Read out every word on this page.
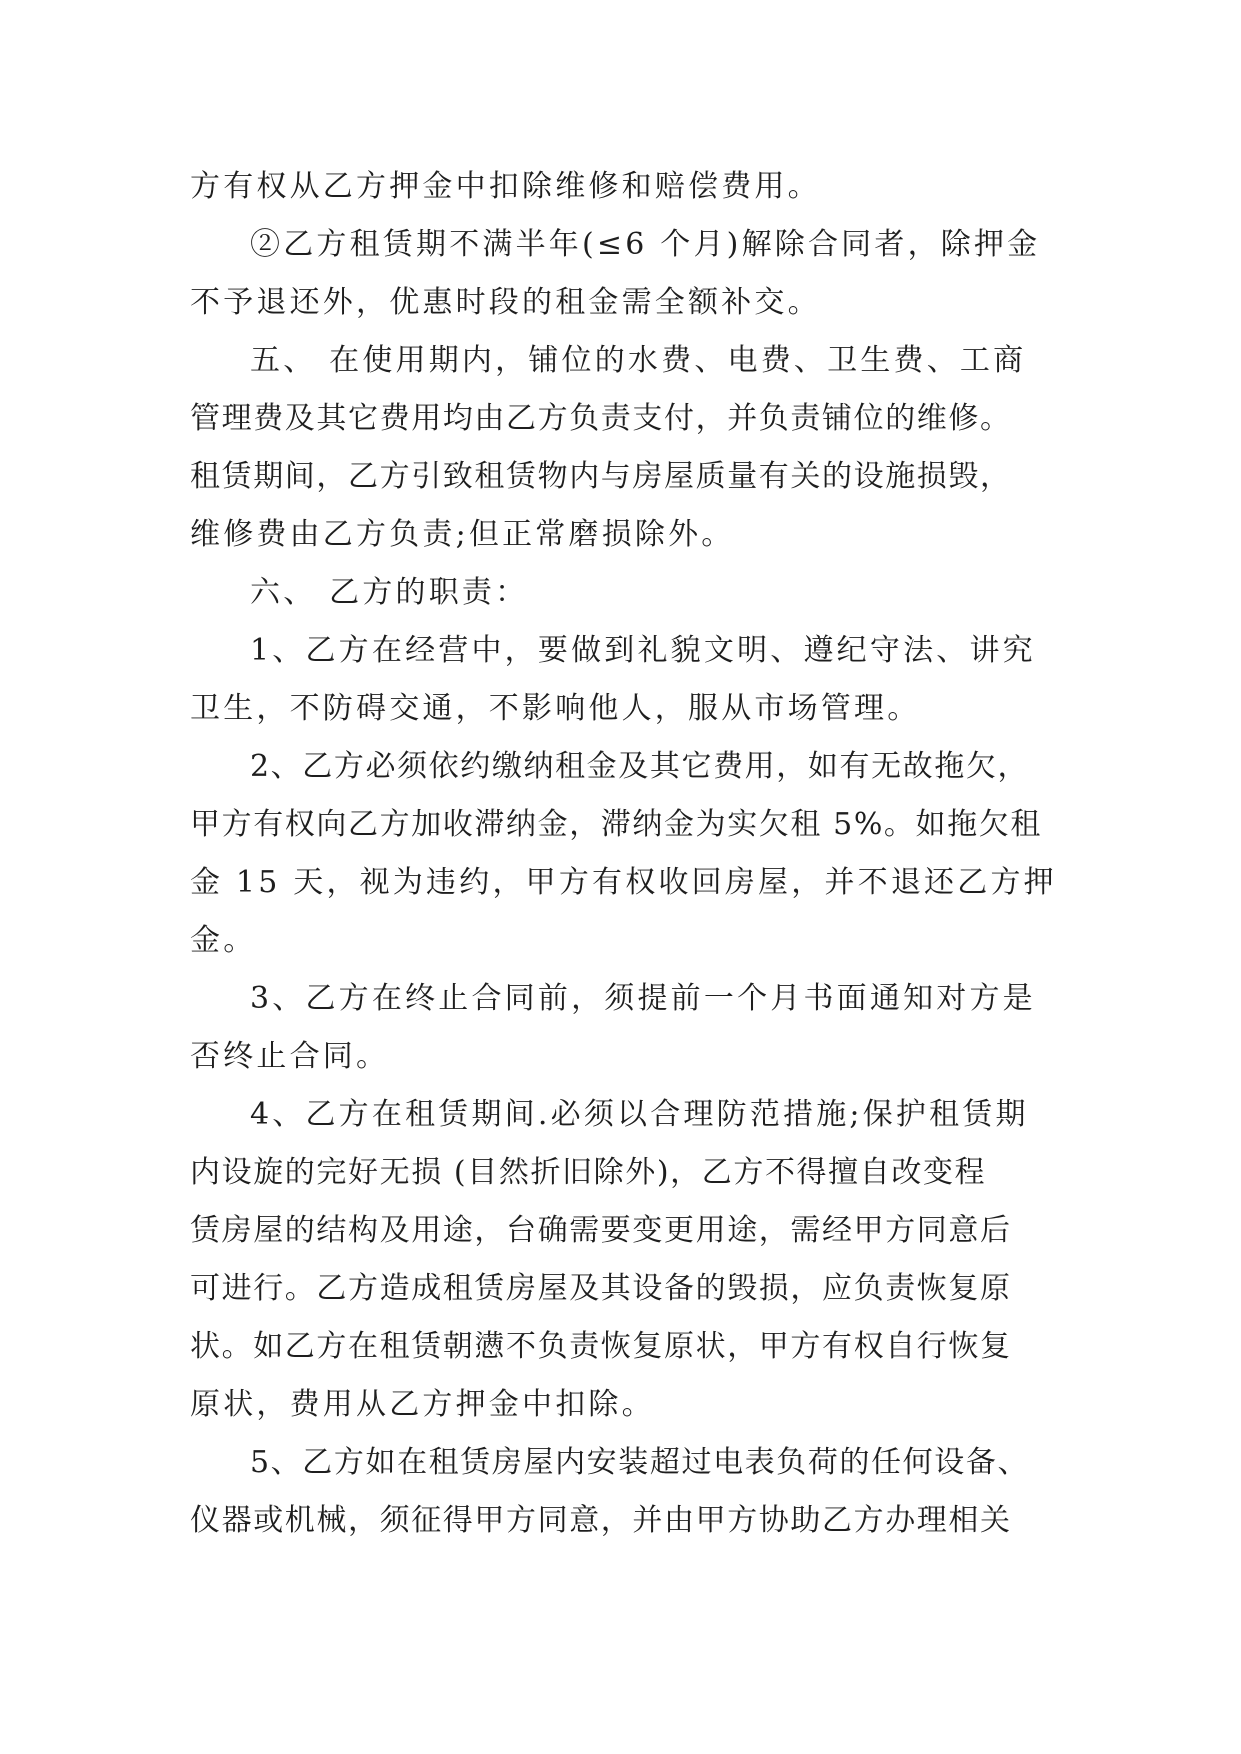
方有权从乙方押金中扣除维修和赔偿费用。
②乙方租赁期不满半年(≤6 个月)解除合同者，除押金
不予退还外，优惠时段的租金需全额补交。
五、 在使用期内，铺位的水费、电费、卫生费、工商
管理费及其它费用均由乙方负责支付，并负责铺位的维修。
租赁期间，乙方引致租赁物内与房屋质量有关的设施损毁，
维修费由乙方负责;但正常磨损除外。
六、 乙方的职责：
1、乙方在经营中，要做到礼貌文明、遵纪守法、讲究
卫生，不防碍交通，不影响他人，服从市场管理。
2、乙方必须依约缴纳租金及其它费用，如有无故拖欠，
甲方有权向乙方加收滞纳金，滞纳金为实欠租 5%。如拖欠租
金 15 天，视为违约，甲方有权收回房屋，并不退还乙方押
金。
3、乙方在终止合同前，须提前一个月书面通知对方是
否终止合同。
4、乙方在租赁期间.必须以合理防范措施;保护租赁期
内设旋的完好无损 (目然折旧除外)，乙方不得擅自改变程
赁房屋的结构及用途，台确需要变更用途，需经甲方同意后
可进行。乙方造成租赁房屋及其设备的毁损，应负责恢复原
状。如乙方在租赁朝懑不负责恢复原状，甲方有权自行恢复
原状，费用从乙方押金中扣除。
5、乙方如在租赁房屋内安装超过电表负荷的任何设备、
仪器或机械，须征得甲方同意，并由甲方协助乙方办理相关
